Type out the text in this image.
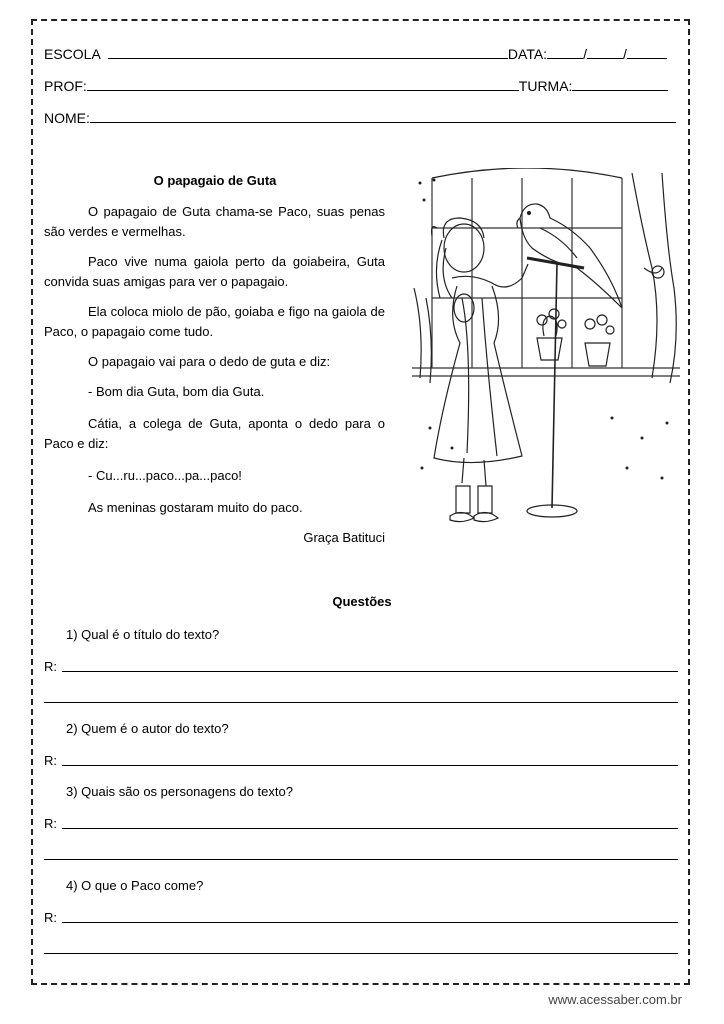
ESCOLA	DATA:	/	/
PROF:	TURMA:
NOME:
O papagaio de Guta
O papagaio de Guta chama-se Paco, suas penas são verdes e vermelhas.
Paco vive numa gaiola perto da goiabeira, Guta convida suas amigas para ver o papagaio.
Ela coloca miolo de pão, goiaba e figo na gaiola de Paco, o papagaio come tudo.
O papagaio vai para o dedo de guta e diz:
- Bom dia Guta, bom dia Guta.
Cátia, a colega de Guta, aponta o dedo para o Paco e diz:
- Cu...ru...paco...pa...paco!
As meninas gostaram muito do paco.
Graça Batituci
Questões
1) Qual é o título do texto?
R:
2) Quem é o autor do texto?
R:
3) Quais são os personagens do texto?
R:
4) O que o Paco come?
R:
www.acessaber.com.br
